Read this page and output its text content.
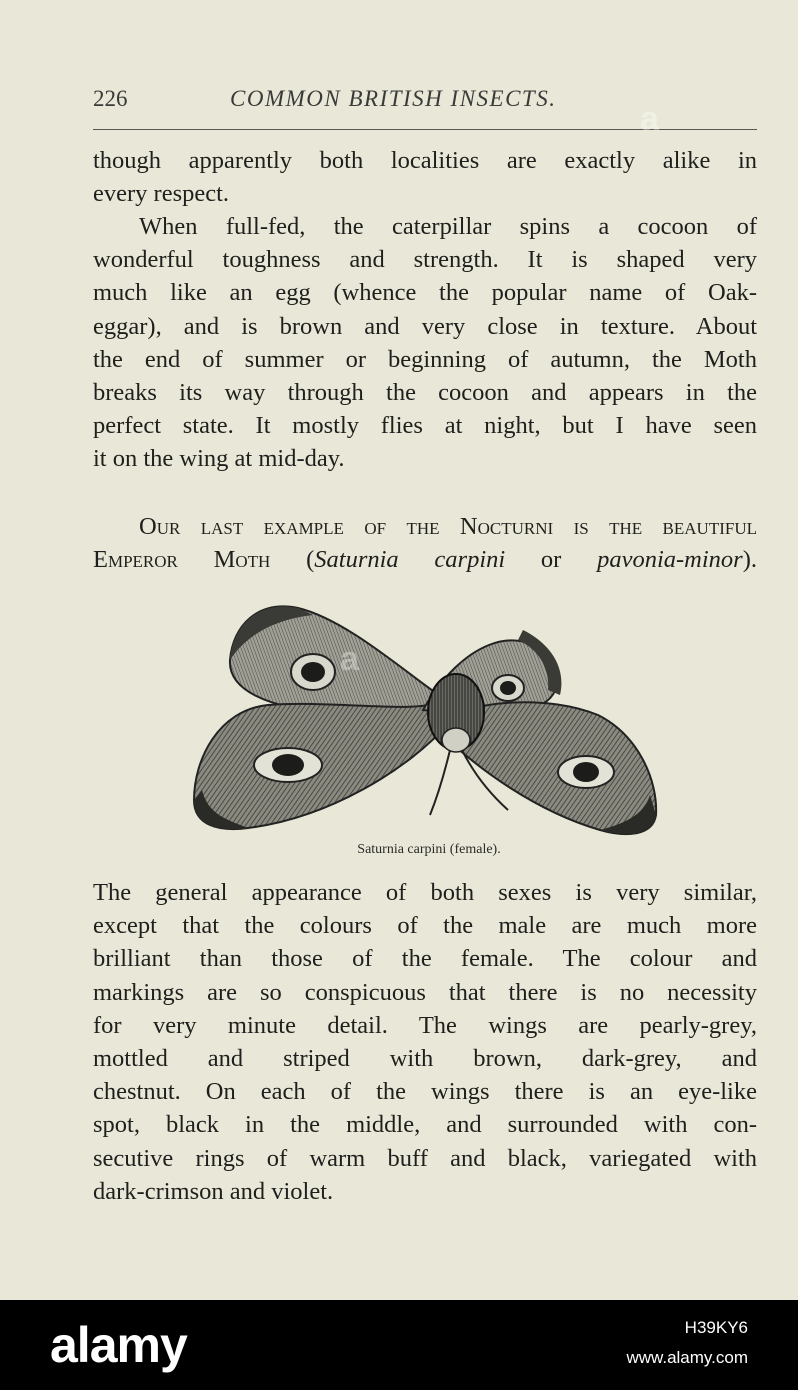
226	COMMON BRITISH INSECTS.
though apparently both localities are exactly alike in
every respect.
When full-fed, the caterpillar spins a cocoon of
wonderful toughness and strength. It is shaped very
much like an egg (whence the popular name of Oak-
eggar), and is brown and very close in texture. About
the end of summer or beginning of autumn, the Moth
breaks its way through the cocoon and appears in the
perfect state. It mostly flies at night, but I have seen
it on the wing at mid-day.
Our last example of the Nocturni is the beautiful
Emperor Moth (Saturnia carpini or pavonia-minor).
Saturnia carpini (female).
The general appearance of both sexes is very similar,
except that the colours of the male are much more
brilliant than those of the female. The colour and
markings are so conspicuous that there is no necessity
for very minute detail. The wings are pearly-grey,
mottled and striped with brown, dark-grey, and
chestnut. On each of the wings there is an eye-like
spot, black in the middle, and surrounded with con-
secutive rings of warm buff and black, variegated with
dark-crimson and violet.
a
a
alamy	H39KY6
www.alamy.com
